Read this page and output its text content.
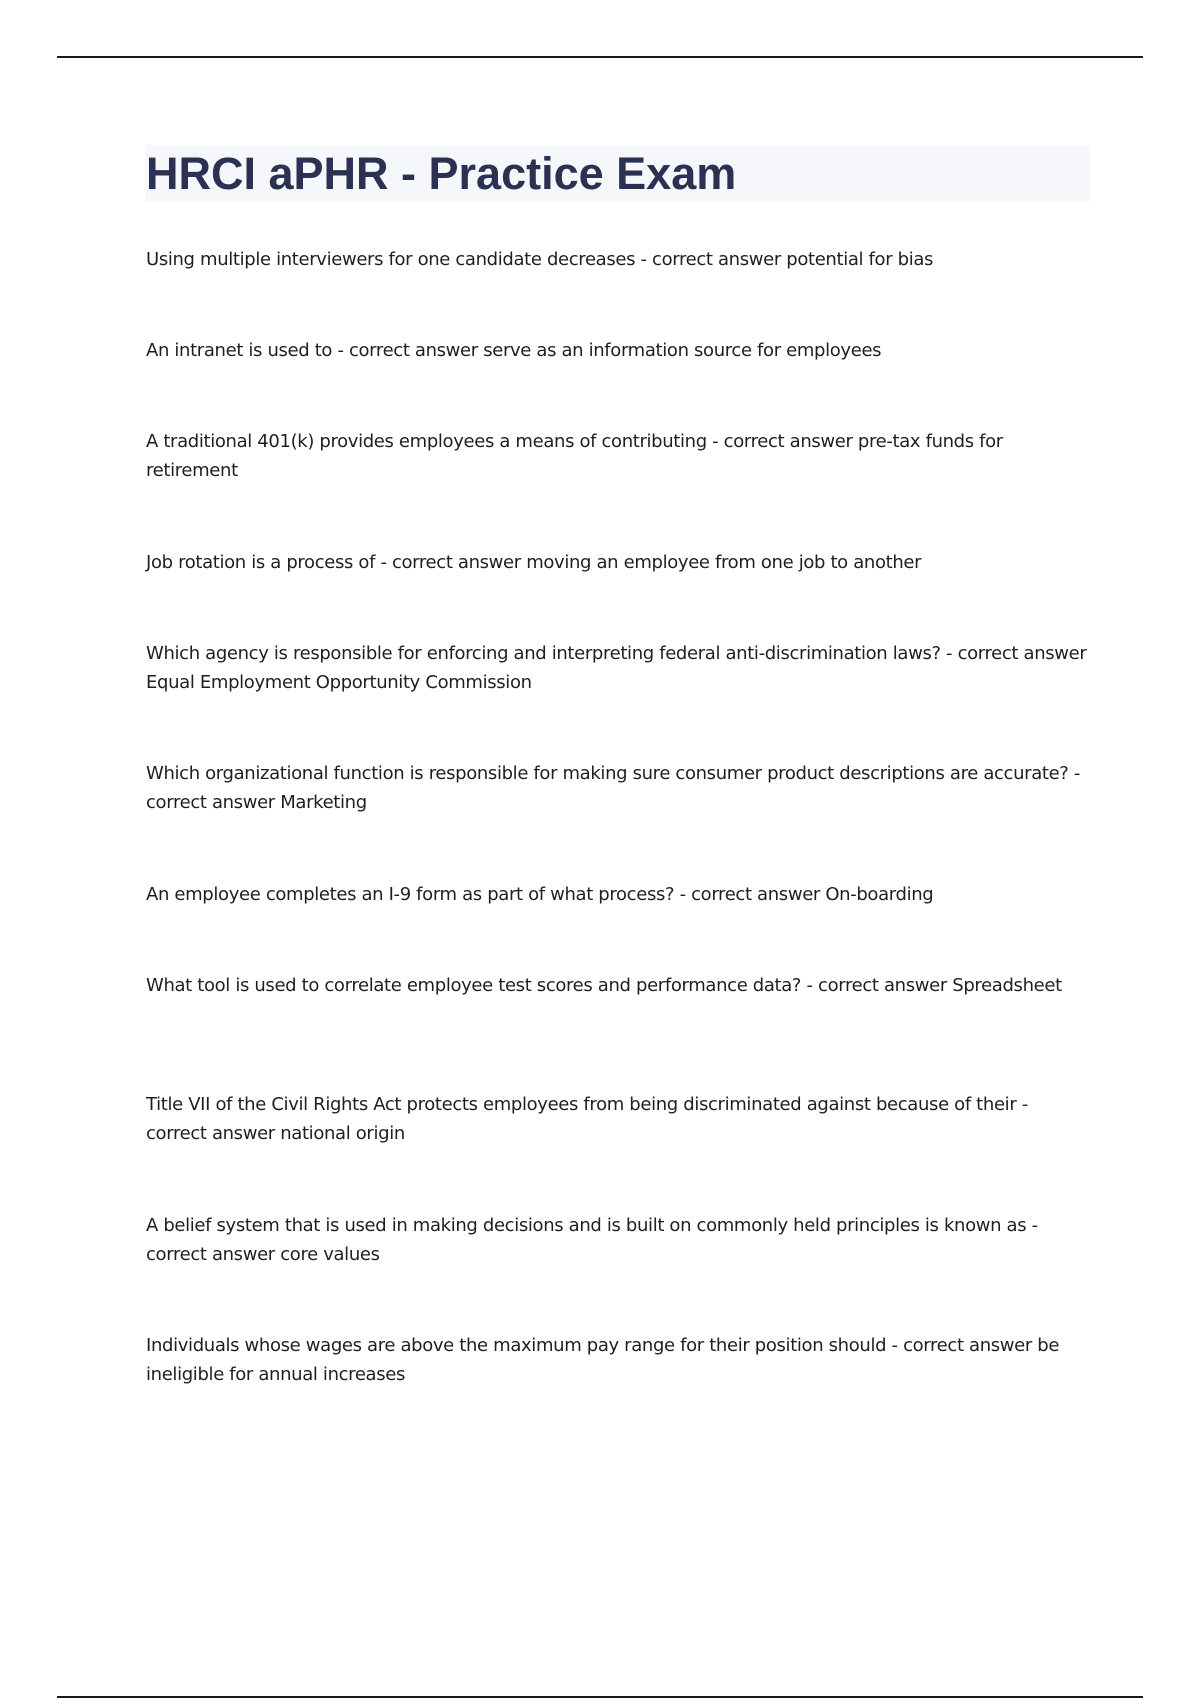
HRCI aPHR - Practice Exam

Using multiple interviewers for one candidate decreases - correct answer potential for bias

An intranet is used to - correct answer serve as an information source for employees

A traditional 401(k) provides employees a means of contributing - correct answer pre-tax funds for retirement

Job rotation is a process of - correct answer moving an employee from one job to another

Which agency is responsible for enforcing and interpreting federal anti-discrimination laws? - correct answer Equal Employment Opportunity Commission

Which organizational function is responsible for making sure consumer product descriptions are accurate? - correct answer Marketing

An employee completes an I-9 form as part of what process? - correct answer On-boarding

What tool is used to correlate employee test scores and performance data? - correct answer Spreadsheet

Title VII of the Civil Rights Act protects employees from being discriminated against because of their - correct answer national origin

A belief system that is used in making decisions and is built on commonly held principles is known as - correct answer core values

Individuals whose wages are above the maximum pay range for their position should - correct answer be ineligible for annual increases
